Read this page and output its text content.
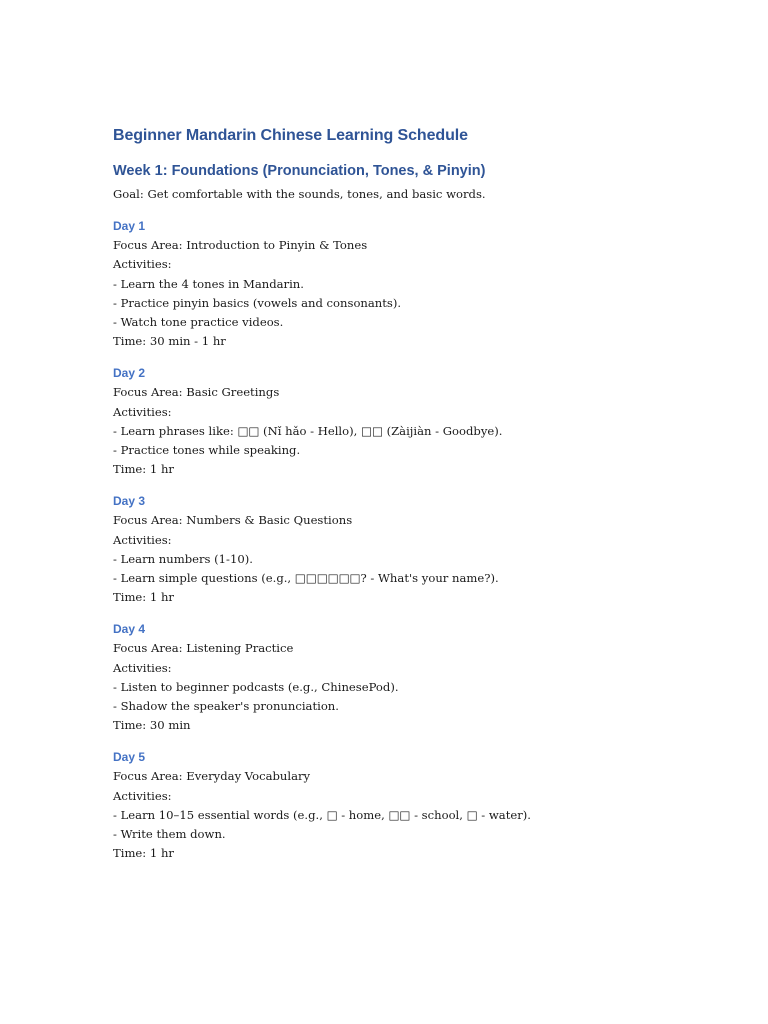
Beginner Mandarin Chinese Learning Schedule
Week 1: Foundations (Pronunciation, Tones, & Pinyin)

Goal: Get comfortable with the sounds, tones, and basic words.

Day 1

Focus Area: Introduction to Pinyin & Tones

Activities:

- Learn the 4 tones in Mandarin.

- Practice pinyin basics (vowels and consonants).

- Watch tone practice videos.

Time: 30 min - 1 hr

Day 2

Focus Area: Basic Greetings

Activities:

- Learn phrases like: □□ (Nǐ hǎo - Hello), □□ (Zàijiàn - Goodbye).

- Practice tones while speaking.

Time: 1 hr

Day 3

Focus Area: Numbers & Basic Questions

Activities:

- Learn numbers (1-10).

- Learn simple questions (e.g., □□□□□□? - What's your name?).

Time: 1 hr

Day 4

Focus Area: Listening Practice

Activities:

- Listen to beginner podcasts (e.g., ChinesePod).

- Shadow the speaker's pronunciation.

Time: 30 min

Day 5

Focus Area: Everyday Vocabulary

Activities:

- Learn 10–15 essential words (e.g., □ - home, □□ - school, □ - water).

- Write them down.

Time: 1 hr
